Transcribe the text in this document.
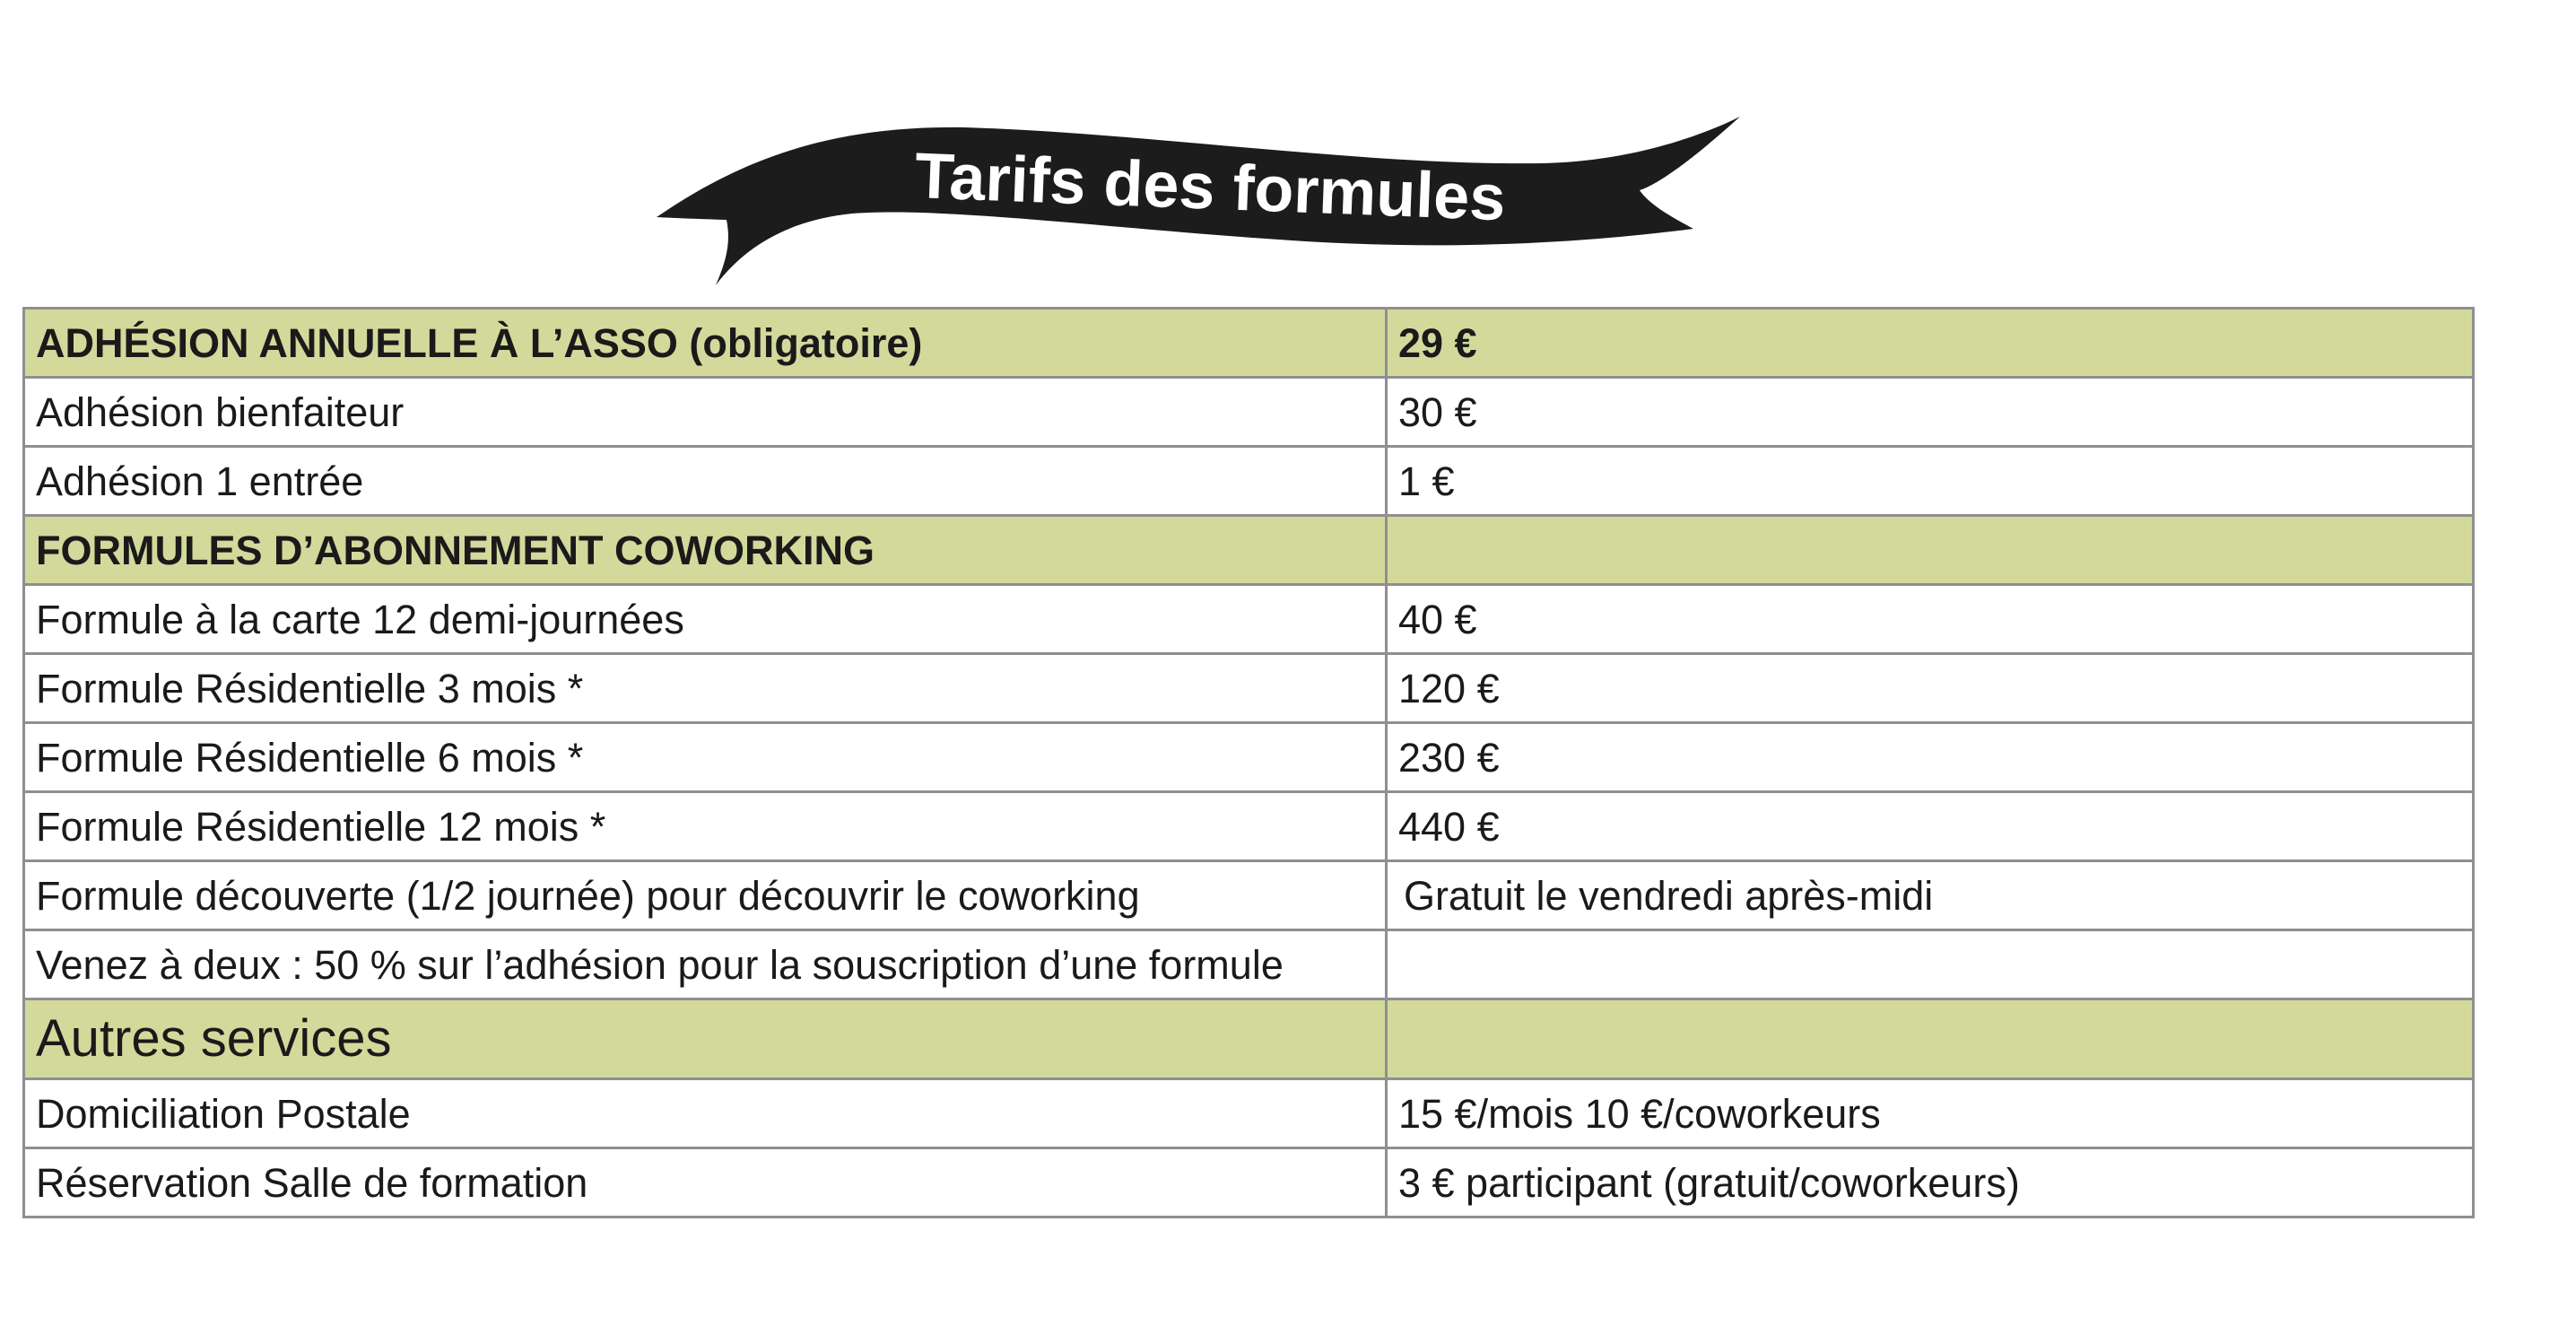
Tarifs des formules
ADHÉSION ANNUELLE À L’ASSO (obligatoire)	29 €
Adhésion bienfaiteur	30 €
Adhésion 1 entrée	1 €
FORMULES D’ABONNEMENT COWORKING	
Formule à la carte 12 demi-journées	40 €
Formule Résidentielle 3 mois *	120 €
Formule Résidentielle 6 mois *	230 €
Formule Résidentielle 12 mois *	440 €
Formule découverte (1/2 journée) pour découvrir le coworking	Gratuit le vendredi après-midi
Venez à deux : 50 % sur l’adhésion pour la souscription d’une formule	
Autres services	
Domiciliation Postale	15 €/mois 10 €/coworkeurs
Réservation Salle de formation	3 € participant (gratuit/coworkeurs)
